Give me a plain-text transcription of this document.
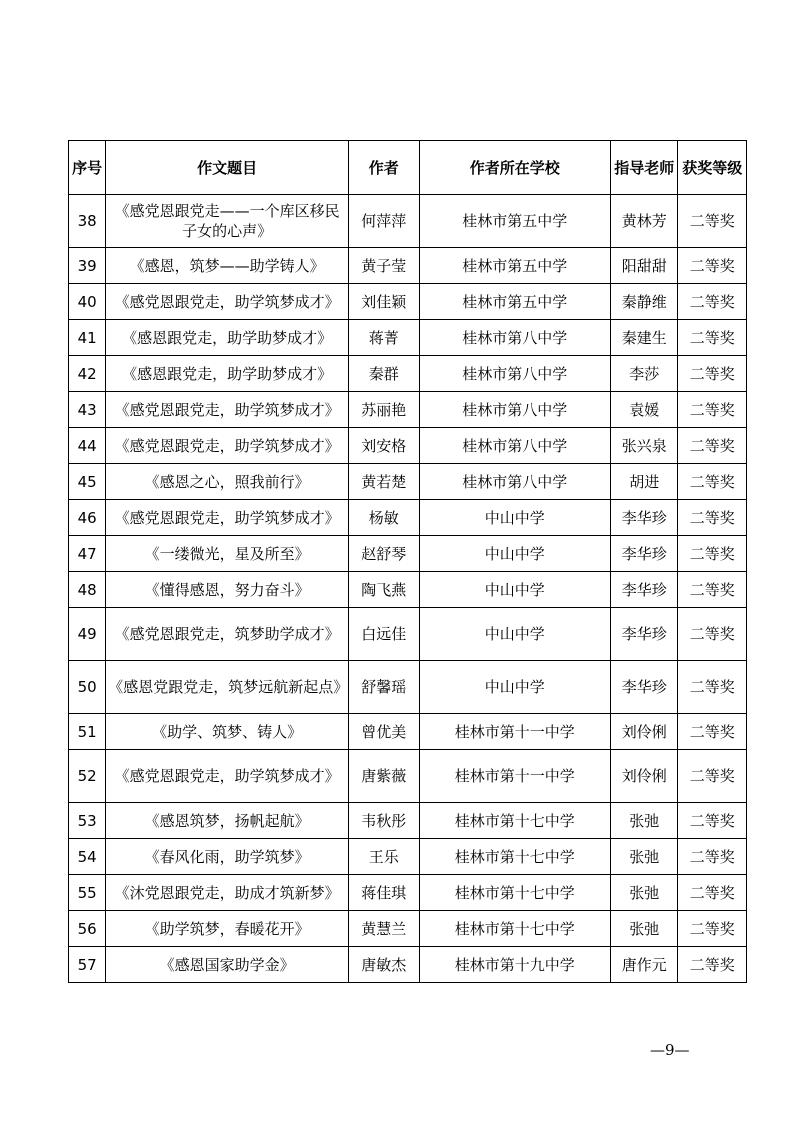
序号	作文题目	作者	作者所在学校	指导老师	获奖等级
38	《感党恩跟党走——一个库区移民子女的心声》	何萍萍	桂林市第五中学	黄林芳	二等奖
39	《感恩，筑梦——助学铸人》	黄子莹	桂林市第五中学	阳甜甜	二等奖
40	《感党恩跟党走，助学筑梦成才》	刘佳颖	桂林市第五中学	秦静维	二等奖
41	《感恩跟党走，助学助梦成才》	蒋菁	桂林市第八中学	秦建生	二等奖
42	《感恩跟党走，助学助梦成才》	秦群	桂林市第八中学	李莎	二等奖
43	《感党恩跟党走，助学筑梦成才》	苏丽艳	桂林市第八中学	袁媛	二等奖
44	《感党恩跟党走，助学筑梦成才》	刘安格	桂林市第八中学	张兴泉	二等奖
45	《感恩之心，照我前行》	黄若楚	桂林市第八中学	胡进	二等奖
46	《感党恩跟党走，助学筑梦成才》	杨敏	中山中学	李华珍	二等奖
47	《一缕微光，星及所至》	赵舒琴	中山中学	李华珍	二等奖
48	《懂得感恩，努力奋斗》	陶飞燕	中山中学	李华珍	二等奖
49	《感党恩跟党走，筑梦助学成才》	白远佳	中山中学	李华珍	二等奖
50	《感恩党跟党走，筑梦远航新起点》	舒馨瑶	中山中学	李华珍	二等奖
51	《助学、筑梦、铸人》	曾优美	桂林市第十一中学	刘伶俐	二等奖
52	《感党恩跟党走，助学筑梦成才》	唐紫薇	桂林市第十一中学	刘伶俐	二等奖
53	《感恩筑梦，扬帆起航》	韦秋彤	桂林市第十七中学	张弛	二等奖
54	《春风化雨，助学筑梦》	王乐	桂林市第十七中学	张弛	二等奖
55	《沐党恩跟党走，助成才筑新梦》	蒋佳琪	桂林市第十七中学	张弛	二等奖
56	《助学筑梦，春暖花开》	黄慧兰	桂林市第十七中学	张弛	二等奖
57	《感恩国家助学金》	唐敏杰	桂林市第十九中学	唐作元	二等奖
—9—
